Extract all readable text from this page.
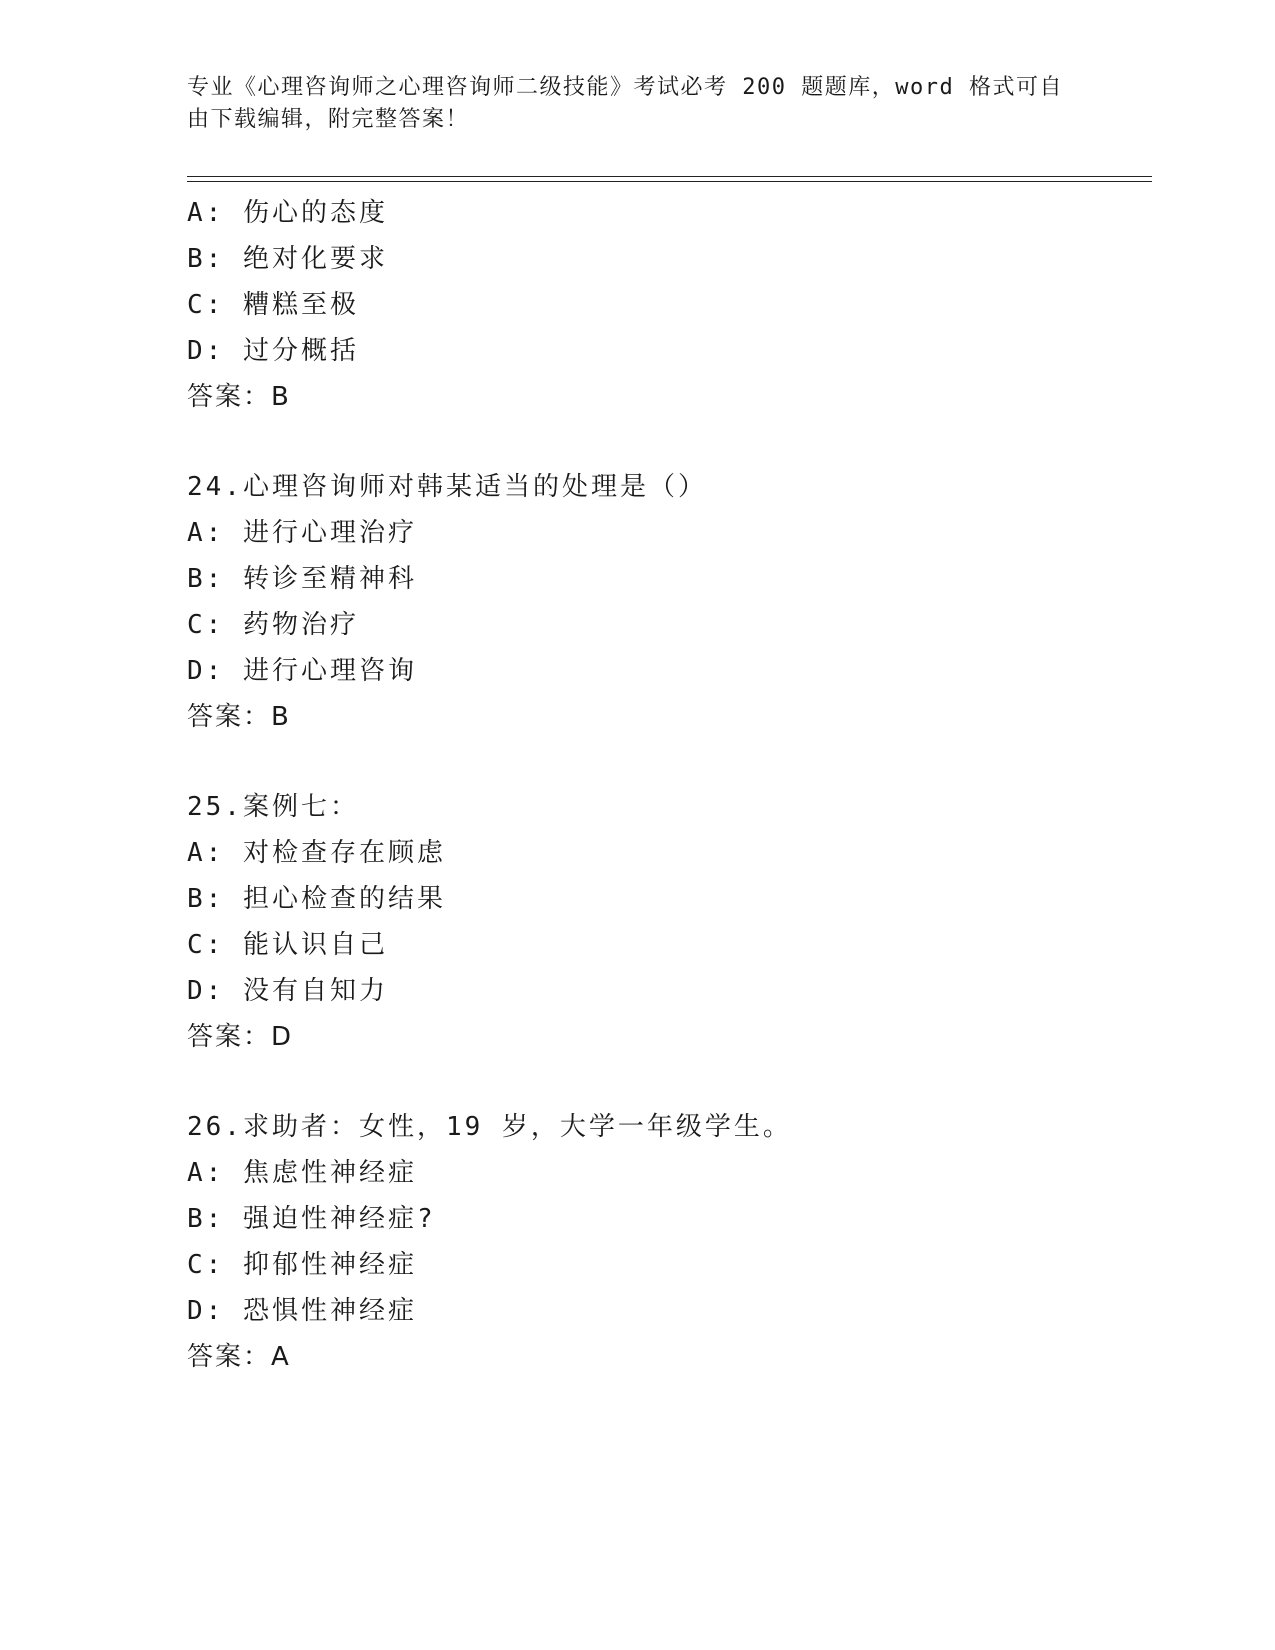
专业《心理咨询师之心理咨询师二级技能》考试必考 200 题题库，word 格式可自
由下载编辑，附完整答案！
A: 伤心的态度
B: 绝对化要求
C: 糟糕至极
D: 过分概括
答案：B
24.心理咨询师对韩某适当的处理是（）
A: 进行心理治疗
B: 转诊至精神科
C: 药物治疗
D: 进行心理咨询
答案：B
25.案例七：
A: 对检查存在顾虑
B: 担心检查的结果
C: 能认识自己
D: 没有自知力
答案：D
26.求助者：女性，19 岁，大学一年级学生。
A: 焦虑性神经症
B: 强迫性神经症?
C: 抑郁性神经症
D: 恐惧性神经症
答案：A
